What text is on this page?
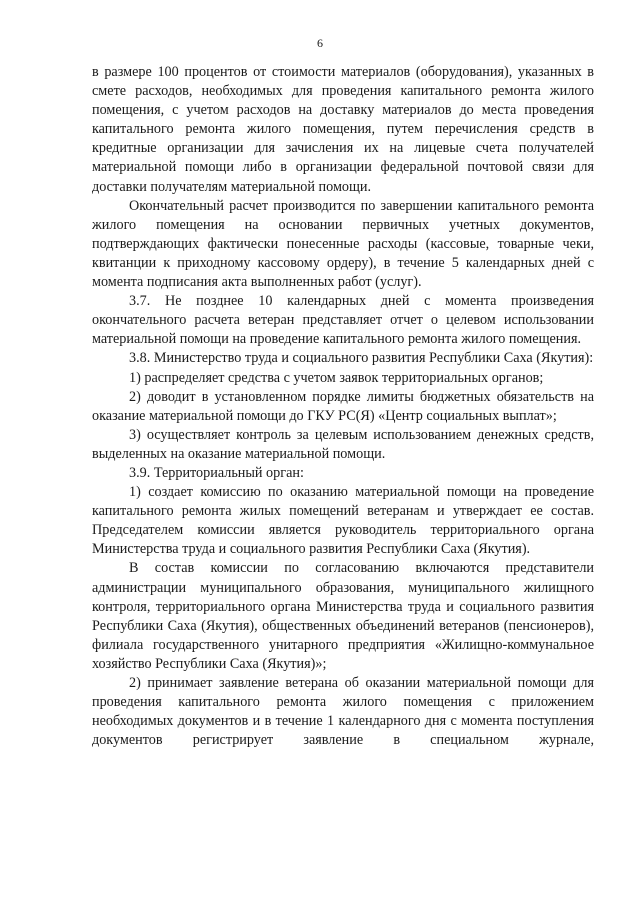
6

в размере 100 процентов от стоимости материалов (оборудования), указанных в смете расходов, необходимых для проведения капитального ремонта жилого помещения, с учетом расходов на доставку материалов до места проведения капитального ремонта жилого помещения, путем перечисления средств в кредитные организации для зачисления их на лицевые счета получателей материальной помощи либо в организации федеральной почтовой связи для доставки получателям материальной помощи.

Окончательный расчет производится по завершении капитального ремонта жилого помещения на основании первичных учетных документов, подтверждающих фактически понесенные расходы (кассовые, товарные чеки, квитанции к приходному кассовому ордеру), в течение 5 календарных дней с момента подписания акта выполненных работ (услуг).

3.7. Не позднее 10 календарных дней с момента произведения окончательного расчета ветеран представляет отчет о целевом использовании материальной помощи на проведение капитального ремонта жилого помещения.

3.8. Министерство труда и социального развития Республики Саха (Якутия):

1) распределяет средства с учетом заявок территориальных органов;

2) доводит в установленном порядке лимиты бюджетных обязательств на оказание материальной помощи до ГКУ РС(Я) «Центр социальных выплат»;

3) осуществляет контроль за целевым использованием денежных средств, выделенных на оказание материальной помощи.

3.9. Территориальный орган:

1) создает комиссию по оказанию материальной помощи на проведение капитального ремонта жилых помещений ветеранам и утверждает ее состав. Председателем комиссии является руководитель территориального органа Министерства труда и социального развития Республики Саха (Якутия).

В состав комиссии по согласованию включаются представители администрации муниципального образования, муниципального жилищного контроля, территориального органа Министерства труда и социального развития Республики Саха (Якутия), общественных объединений ветеранов (пенсионеров), филиала государственного унитарного предприятия «Жилищно-коммунальное хозяйство Республики Саха (Якутия)»;

2) принимает заявление ветерана об оказании материальной помощи для проведения капитального ремонта жилого помещения с приложением необходимых документов и в течение 1 календарного дня с момента поступления документов регистрирует заявление в специальном журнале,
